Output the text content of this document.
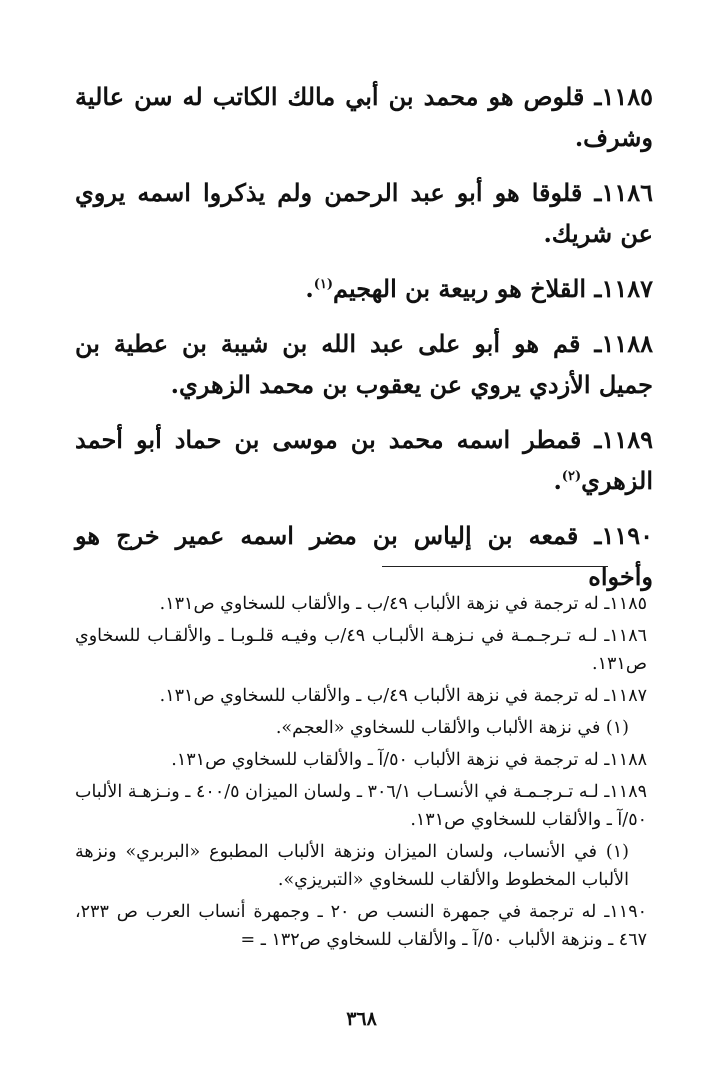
١١٨٥ـ قلوص هو محمد بن أبي مالك الكاتب له سن عالية وشرف.

١١٨٦ـ قلوقا هو أبو عبد الرحمن ولم يذكروا اسمه يروي عن شريك.

١١٨٧ـ القلاخ هو ربيعة بن الهجيم$^{(١)}$.

١١٨٨ـ قم هو أبو على عبد الله بن شيبة بن عطية بن جميل الأزدي يروي عن يعقوب بن محمد الزهري.

١١٨٩ـ قمطر اسمه محمد بن موسى بن حماد أبو أحمد الزهري$^{(٢)}$.

١١٩٠ـ قمعه بن إلياس بن مضر اسمه عمير خرج هو وأخواه

١١٨٥ـ له ترجمة في نزهة الألباب ٤٩/ب ـ والألقاب للسخاوي ص١٣١.

١١٨٦ـ لـه تـرجـمـة في نـزهـة الألبـاب ٤٩/ب وفيـه قلـوبـا ـ والألقـاب للسخاوي ص١٣١.

١١٨٧ـ له ترجمة في نزهة الألباب ٤٩/ب ـ والألقاب للسخاوي ص١٣١.

(١) في نزهة الألباب والألقاب للسخاوي «العجم».

١١٨٨ـ له ترجمة في نزهة الألباب ٥٠/آ ـ والألقاب للسخاوي ص١٣١.

١١٨٩ـ لـه تـرجـمـة في الأنسـاب ٣٠٦/١ ـ ولسان الميزان ٤٠٠/٥ ـ ونـزهـة الألباب ٥٠/آ ـ والألقاب للسخاوي ص١٣١.

(١) في الأنساب، ولسان الميزان ونزهة الألباب المطبوع «البربري» ونزهة الألباب المخطوط والألقاب للسخاوي «التبريزي».

١١٩٠ـ له ترجمة في جمهرة النسب ص ٢٠ ـ وجمهرة أنساب العرب ص ٢٣٣، ٤٦٧ ـ ونزهة الألباب ٥٠/آ ـ والألقاب للسخاوي ص١٣٢ ـ =

٣٦٨
